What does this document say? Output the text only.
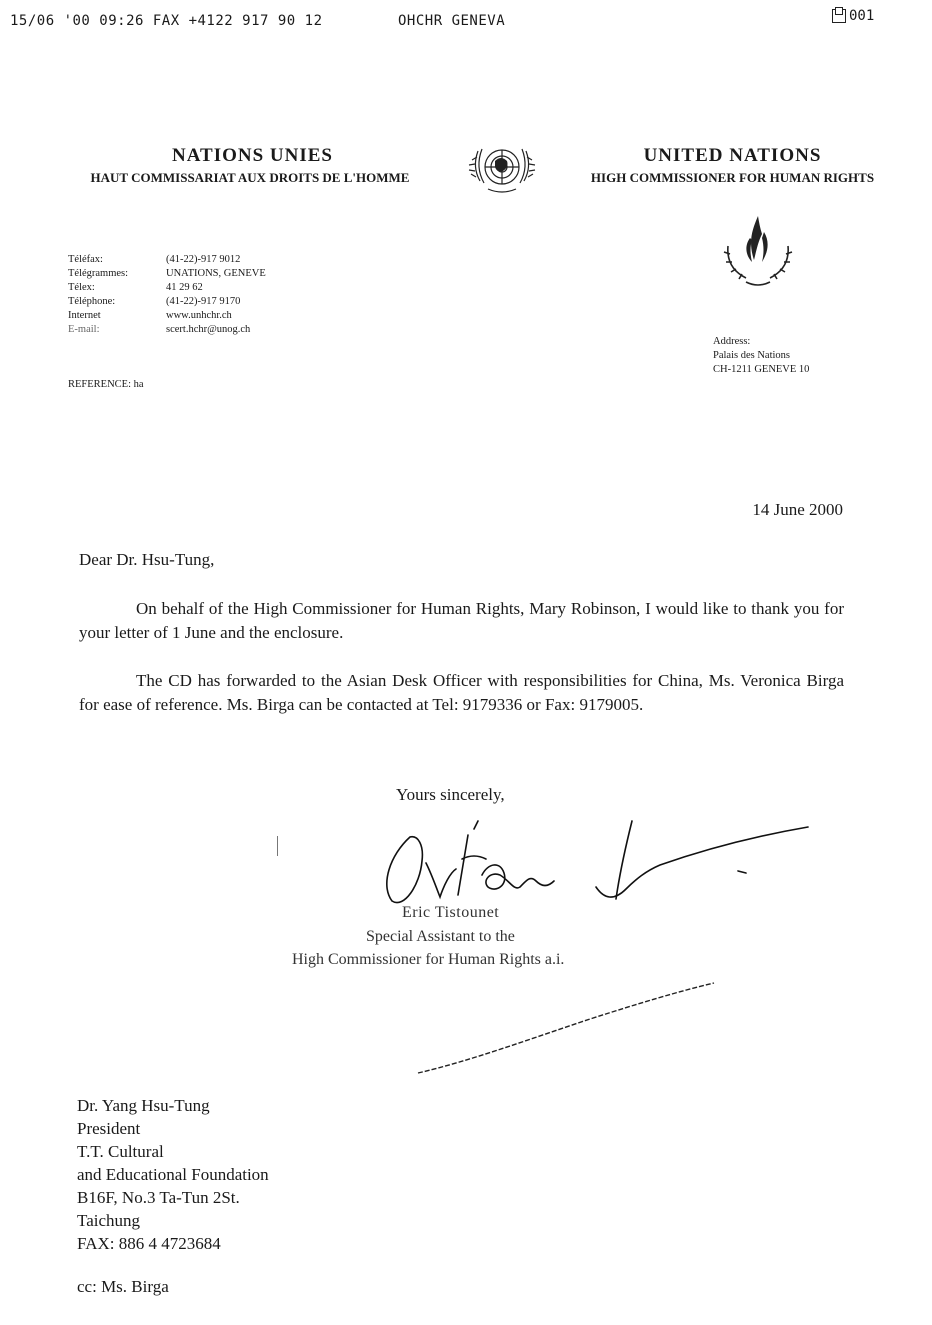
15/06 '00 09:26 FAX +4122 917 90 12	OHCHR GENEVA	001
NATIONS UNIES
HAUT COMMISSARIAT AUX DROITS DE L'HOMME
UNITED NATIONS
HIGH COMMISSIONER FOR HUMAN RIGHTS
Téléfax:
Télégrammes:
Télex:
Téléphone:
Internet
E-mail:
(41-22)-917 9012
UNATIONS, GENEVE
41 29 62
(41-22)-917 9170
www.unhchr.ch
scert.hchr@unog.ch
REFERENCE: ha
Address:
Palais des Nations
CH-1211 GENEVE 10
14 June 2000
Dear Dr. Hsu-Tung,
On behalf of the High Commissioner for Human Rights, Mary Robinson, I would like to thank you for your letter of 1 June and the enclosure.
The CD has forwarded to the Asian Desk Officer with responsibilities for China, Ms. Veronica Birga for ease of reference. Ms. Birga can be contacted at Tel: 9179336 or Fax: 9179005.
Yours sincerely,
Eric Tistounet
Special Assistant to the
High Commissioner for Human Rights a.i.
Dr. Yang Hsu-Tung
President
T.T. Cultural
and Educational Foundation
B16F, No.3 Ta-Tun 2St.
Taichung
FAX: 886 4 4723684
cc: Ms. Birga
